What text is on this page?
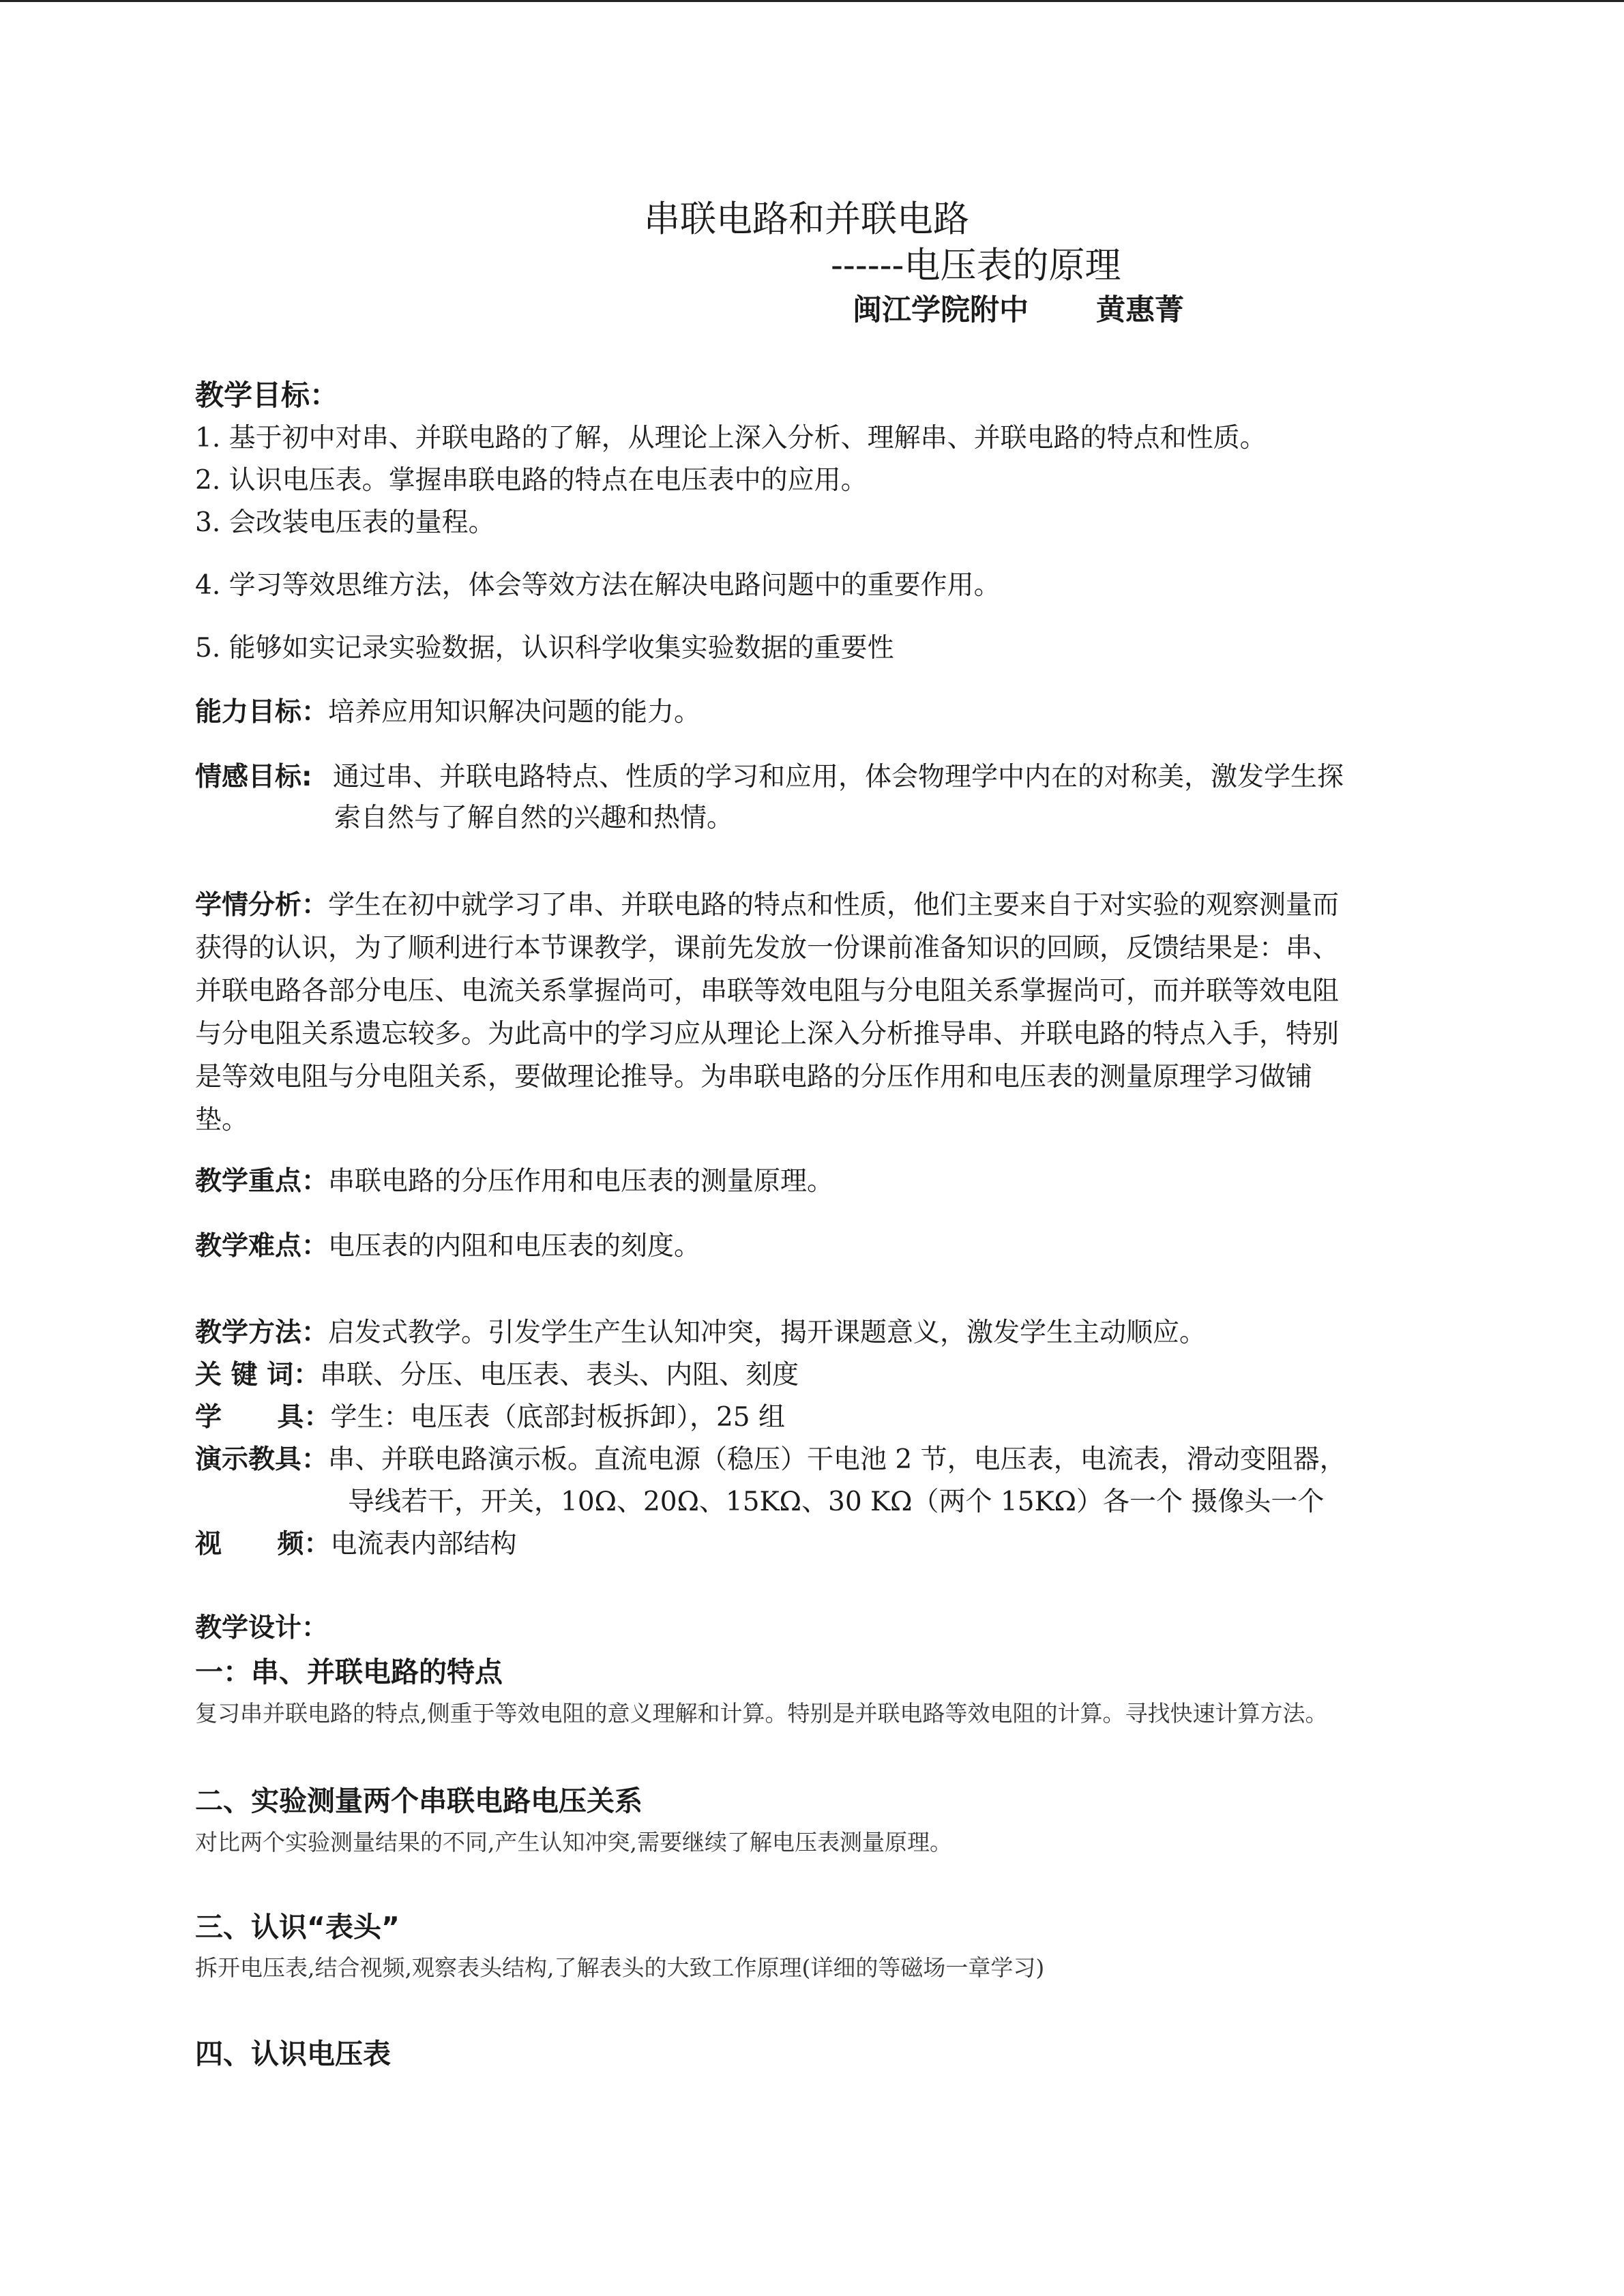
串联电路和并联电路
------电压表的原理
闽江学院附中 黄惠菁
教学目标：
1. 基于初中对串、并联电路的了解，从理论上深入分析、理解串、并联电路的特点和性质。
2. 认识电压表。掌握串联电路的特点在电压表中的应用。
3. 会改装电压表的量程。
4. 学习等效思维方法，体会等效方法在解决电路问题中的重要作用。
5. 能够如实记录实验数据，认识科学收集实验数据的重要性
能力目标：培养应用知识解决问题的能力。
情感目标: 通过串、并联电路特点、性质的学习和应用，体会物理学中内在的对称美，激发学生探
索自然与了解自然的兴趣和热情。
学情分析：学生在初中就学习了串、并联电路的特点和性质，他们主要来自于对实验的观察测量而
获得的认识，为了顺利进行本节课教学，课前先发放一份课前准备知识的回顾，反馈结果是：串、
并联电路各部分电压、电流关系掌握尚可，串联等效电阻与分电阻关系掌握尚可，而并联等效电阻
与分电阻关系遗忘较多。为此高中的学习应从理论上深入分析推导串、并联电路的特点入手，特别
是等效电阻与分电阻关系，要做理论推导。为串联电路的分压作用和电压表的测量原理学习做铺
垫。
教学重点：串联电路的分压作用和电压表的测量原理。
教学难点：电压表的内阻和电压表的刻度。
教学方法：启发式教学。引发学生产生认知冲突，揭开课题意义，激发学生主动顺应。
关 键 词：串联、分压、电压表、表头、内阻、刻度
学      具：学生：电压表（底部封板拆卸），25 组
演示教具：串、并联电路演示板。直流电源（稳压）干电池 2 节，电压表，电流表，滑动变阻器，
导线若干，开关，10Ω、20Ω、15KΩ、30 KΩ（两个 15KΩ）各一个 摄像头一个
视      频：电流表内部结构
教学设计：
一：串、并联电路的特点
复习串并联电路的特点,侧重于等效电阻的意义理解和计算。特别是并联电路等效电阻的计算。寻找快速计算方法。
二、实验测量两个串联电路电压关系
对比两个实验测量结果的不同,产生认知冲突,需要继续了解电压表测量原理。
三、认识“表头”
拆开电压表,结合视频,观察表头结构,了解表头的大致工作原理(详细的等磁场一章学习)
四、认识电压表
